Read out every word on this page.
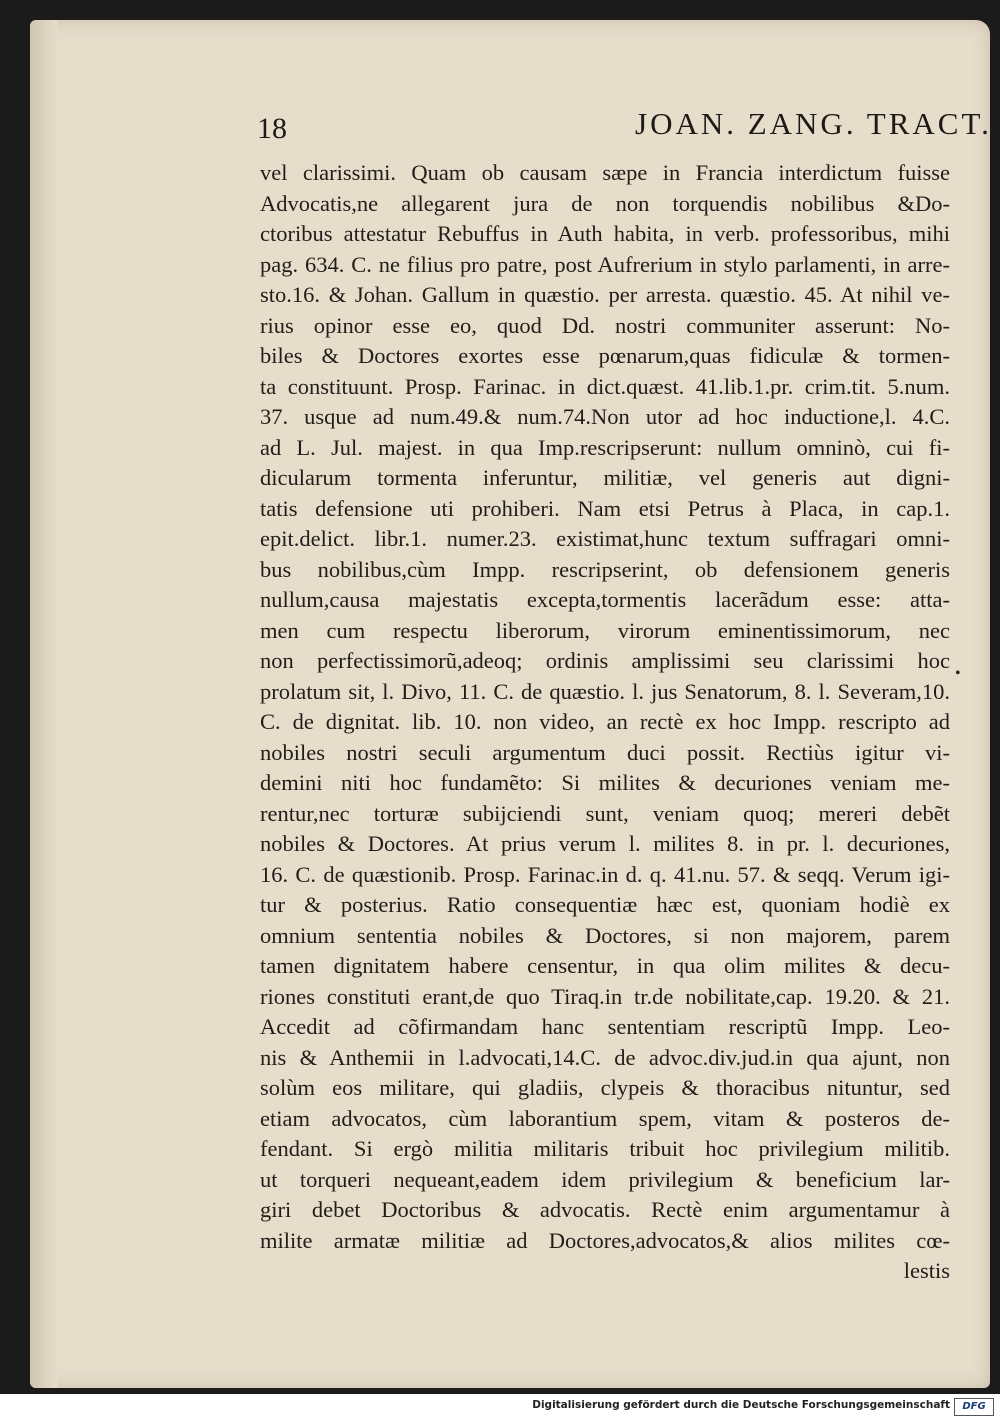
18	JOAN. ZANG. TRACT.
vel clarissimi. Quam ob causam sæpe in Francia interdictum fuisse
Advocatis,ne allegarent jura de non torquendis nobilibus &Do-
ctoribus attestatur Rebuffus in Auth habita, in verb. professoribus, mihi
pag. 634. C. ne filius pro patre, post Aufrerium in stylo parlamenti, in arre-
sto.16. & Johan. Gallum in quæstio. per arresta. quæstio. 45. At nihil ve-
rius opinor esse eo, quod Dd. nostri communiter asserunt: No-
biles & Doctores exortes esse pœnarum,quas fidiculæ & tormen-
ta constituunt. Prosp. Farinac. in dict.quæst. 41.lib.1.pr. crim.tit. 5.num.
37. usque ad num.49.& num.74.Non utor ad hoc inductione,l. 4.C.
ad L. Jul. majest. in qua Imp.rescripserunt: nullum omninò, cui fi-
dicularum tormenta inferuntur, militiæ, vel generis aut digni-
tatis defensione uti prohiberi. Nam etsi Petrus à Placa, in cap.1.
epit.delict. libr.1. numer.23. existimat,hunc textum suffragari omni-
bus nobilibus,cùm Impp. rescripserint, ob defensionem generis
nullum,causa majestatis excepta,tormentis lacerãdum esse: atta-
men cum respectu liberorum, virorum eminentissimorum, nec
non perfectissimorũ,adeoq; ordinis amplissimi seu clarissimi hoc
prolatum sit, l. Divo, 11. C. de quæstio. l. jus Senatorum, 8. l. Severam,10.
C. de dignitat. lib. 10. non video, an rectè ex hoc Impp. rescripto ad
nobiles nostri seculi argumentum duci possit. Rectiùs igitur vi-
demini niti hoc fundamẽto: Si milites & decuriones veniam me-
rentur,nec torturæ subijciendi sunt, veniam quoq; mereri debẽt
nobiles & Doctores. At prius verum l. milites 8. in pr. l. decuriones,
16. C. de quæstionib. Prosp. Farinac.in d. q. 41.nu. 57. & seqq. Verum igi-
tur & posterius. Ratio consequentiæ hæc est, quoniam hodiè ex
omnium sententia nobiles & Doctores, si non majorem, parem
tamen dignitatem habere censentur, in qua olim milites & decu-
riones constituti erant,de quo Tiraq.in tr.de nobilitate,cap. 19.20. & 21.
Accedit ad cõfirmandam hanc sententiam rescriptũ Impp. Leo-
nis & Anthemii in l.advocati,14.C. de advoc.div.jud.in qua ajunt, non
solùm eos militare, qui gladiis, clypeis & thoracibus nituntur, sed
etiam advocatos, cùm laborantium spem, vitam & posteros de-
fendant. Si ergò militia militaris tribuit hoc privilegium militib.
ut torqueri nequeant,eadem idem privilegium & beneficium lar-
giri debet Doctoribus & advocatis. Rectè enim argumentamur à
milite armatæ militiæ ad Doctores,advocatos,& alios milites cœ-
lestis
•
Digitalisierung gefördert durch die Deutsche Forschungsgemeinschaft	DFG
